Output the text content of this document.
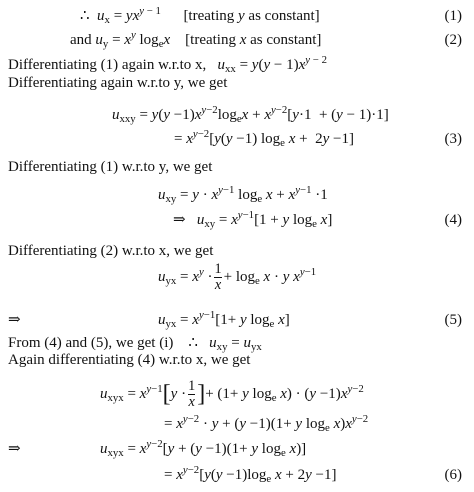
∴ $u_x = yx^{y - 1}$ [treating y as constant]	(1)
and $u_y = x^y$ $\log_ex$ [treating x as constant]	(2)
Differentiating (1) again w.r.to x, $u_{xx} = y(y - 1)x^{y - 2}$
Differentiating again w.r.to y, we get
$u_{xxy} = y(y -1)x^{y-2}\log_ex + x^{y-2}[y\cdot 1 + (y - 1)\cdot 1]$
= $x^{y-2}[y(y -1)$ $\log_e x + 2y -1$]	(3)
Differentiating (1) w.r.to y, we get
$u_{xy} = y \cdot x^{y-1}$ $\log_e x + x^{y-1} \cdot 1$
⇒ $u_{xy} = x^{y-1}[1 + y$ $\log_e x$]	(4)
Differentiating (2) w.r.to x, we get
$u_{yx} = x^y \cdot \frac{1}{x} + \log_e x \cdot y$ $x^{y-1}$
⇒	$u_{yx} = x^{y-1}[1+ y$ $\log_e x$]	(5)
From (4) and (5), we get (i) ∴ $u_{xy} = u_{yx}$
Again differentiating (4) w.r.to x, we get
$u_{xyx} = x^{y-1}[y \cdot \frac{1}{x}$ ]+ (1+ y $\log_e x) \cdot (y -1)x^{y-2}$
= $x^{y-2} \cdot y + (y -1)(1+ y$ $\log_e x)x^{y-2}$
⇒	$u_{xyx} = x^{y-2}[y + (y -1)(1+ y$ $\log_e x$)]
= $x^{y-2}[y(y -1)\log_e$ x + 2y −1]	(6)
